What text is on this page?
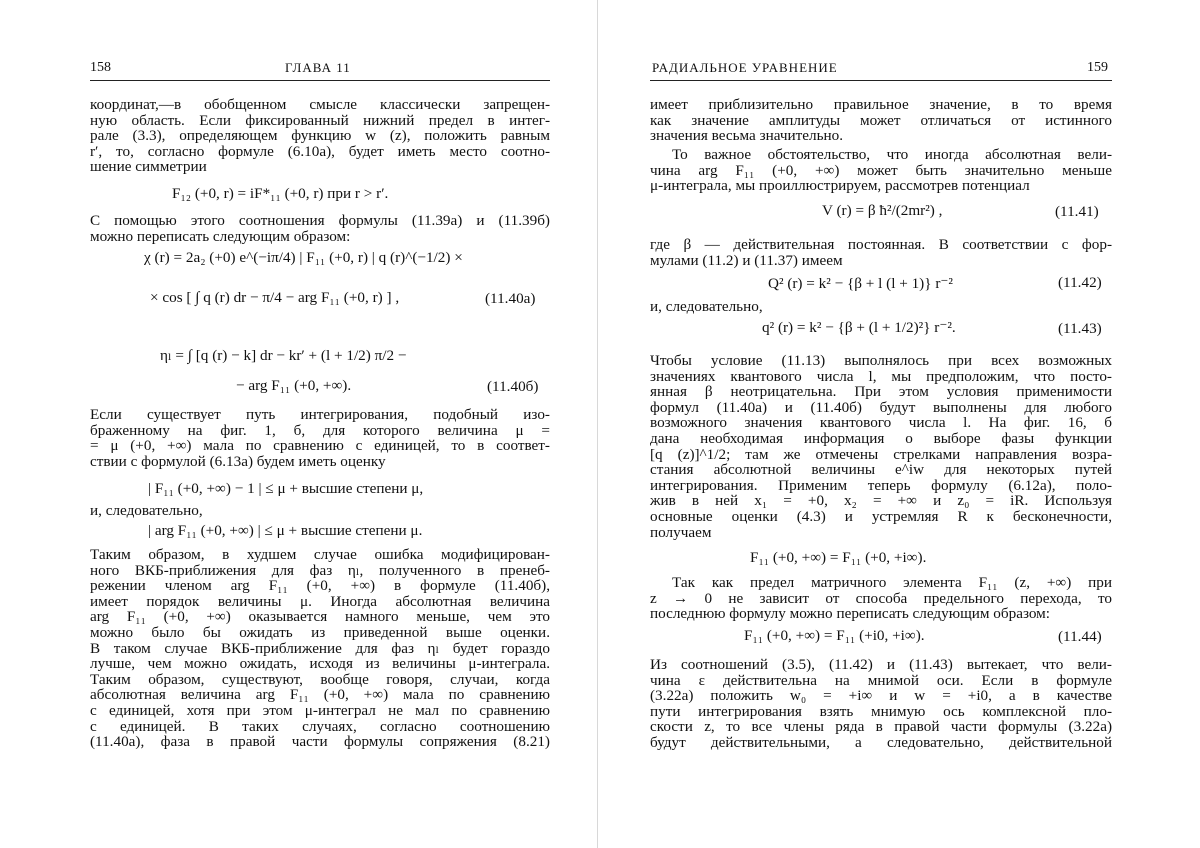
158	ГЛАВА 11
координат,—в обобщенном смысле классически запрещен-
ную область. Если фиксированный нижний предел в интег-
рале (3.3), определяющем функцию w (z), положить равным
r′, то, согласно формуле (6.10а), будет иметь место соотно-
шение симметрии
F₁₂ (+0, r) = iF*₁₁ (+0, r) при r > r′.
С помощью этого соотношения формулы (11.39а) и (11.39б)
можно переписать следующим образом:
χ (r) = 2a₂ (+0) e^(−iπ/4) | F₁₁ (+0, r) | q (r)^(−1/2) ×
× cos [ ∫ q (r) dr − π/4 − arg F₁₁ (+0, r) ] ,	(11.40а)
ηₗ = ∫ [q (r) − k] dr − kr′ + (l + 1/2) π/2 −
− arg F₁₁ (+0, +∞).	(11.40б)
Если существует путь интегрирования, подобный изо-
браженному на фиг. 1, б, для которого величина μ =
= μ (+0, +∞) мала по сравнению с единицей, то в соответ-
ствии с формулой (6.13а) будем иметь оценку
| F₁₁ (+0, +∞) − 1 | ≤ μ + высшие степени μ,
и, следовательно,
| arg F₁₁ (+0, +∞) | ≤ μ + высшие степени μ.
Таким образом, в худшем случае ошибка модифицирован-
ного ВКБ-приближения для фаз ηₗ, полученного в пренеб-
режении членом arg F₁₁ (+0, +∞) в формуле (11.40б),
имеет порядок величины μ. Иногда абсолютная величина
arg F₁₁ (+0, +∞) оказывается намного меньше, чем это
можно было бы ожидать из приведенной выше оценки.
В таком случае ВКБ-приближение для фаз ηₗ будет гораздо
лучше, чем можно ожидать, исходя из величины μ-интеграла.
Таким образом, существуют, вообще говоря, случаи, когда
абсолютная величина arg F₁₁ (+0, +∞) мала по сравнению
с единицей, хотя при этом μ-интеграл не мал по сравнению
с единицей. В таких случаях, согласно соотношению
(11.40а), фаза в правой части формулы сопряжения (8.21)
РАДИАЛЬНОЕ УРАВНЕНИЕ	159
имеет приблизительно правильное значение, в то время
как значение амплитуды может отличаться от истинного
значения весьма значительно.
То важное обстоятельство, что иногда абсолютная вели-
чина arg F₁₁ (+0, +∞) может быть значительно меньше
μ-интеграла, мы проиллюстрируем, рассмотрев потенциал
V (r) = β ħ²/(2mr²) ,	(11.41)
где β — действительная постоянная. В соответствии с фор-
мулами (11.2) и (11.37) имеем
Q² (r) = k² − {β + l (l + 1)} r⁻²	(11.42)
и, следовательно,
q² (r) = k² − {β + (l + 1/2)²} r⁻².	(11.43)
Чтобы условие (11.13) выполнялось при всех возможных
значениях квантового числа l, мы предположим, что посто-
янная β неотрицательна. При этом условия применимости
формул (11.40а) и (11.40б) будут выполнены для любого
возможного значения квантового числа l. На фиг. 16, б
дана необходимая информация о выборе фазы функции
[q (z)]^1/2; там же отмечены стрелками направления возра-
стания абсолютной величины e^iw для некоторых путей
интегрирования. Применим теперь формулу (6.12а), поло-
жив в ней x₁ = +0, x₂ = +∞ и z₀ = iR. Используя
основные оценки (4.3) и устремляя R к бесконечности,
получаем
F₁₁ (+0, +∞) = F₁₁ (+0, +i∞).
Так как предел матричного элемента F₁₁ (z, +∞) при
z → 0 не зависит от способа предельного перехода, то
последнюю формулу можно переписать следующим образом:
F₁₁ (+0, +∞) = F₁₁ (+i0, +i∞).	(11.44)
Из соотношений (3.5), (11.42) и (11.43) вытекает, что вели-
чина ε действительна на мнимой оси. Если в формуле
(3.22а) положить w₀ = +i∞ и w = +i0, а в качестве
пути интегрирования взять мнимую ось комплексной пло-
скости z, то все члены ряда в правой части формулы (3.22а)
будут действительными, а следовательно, действительной
